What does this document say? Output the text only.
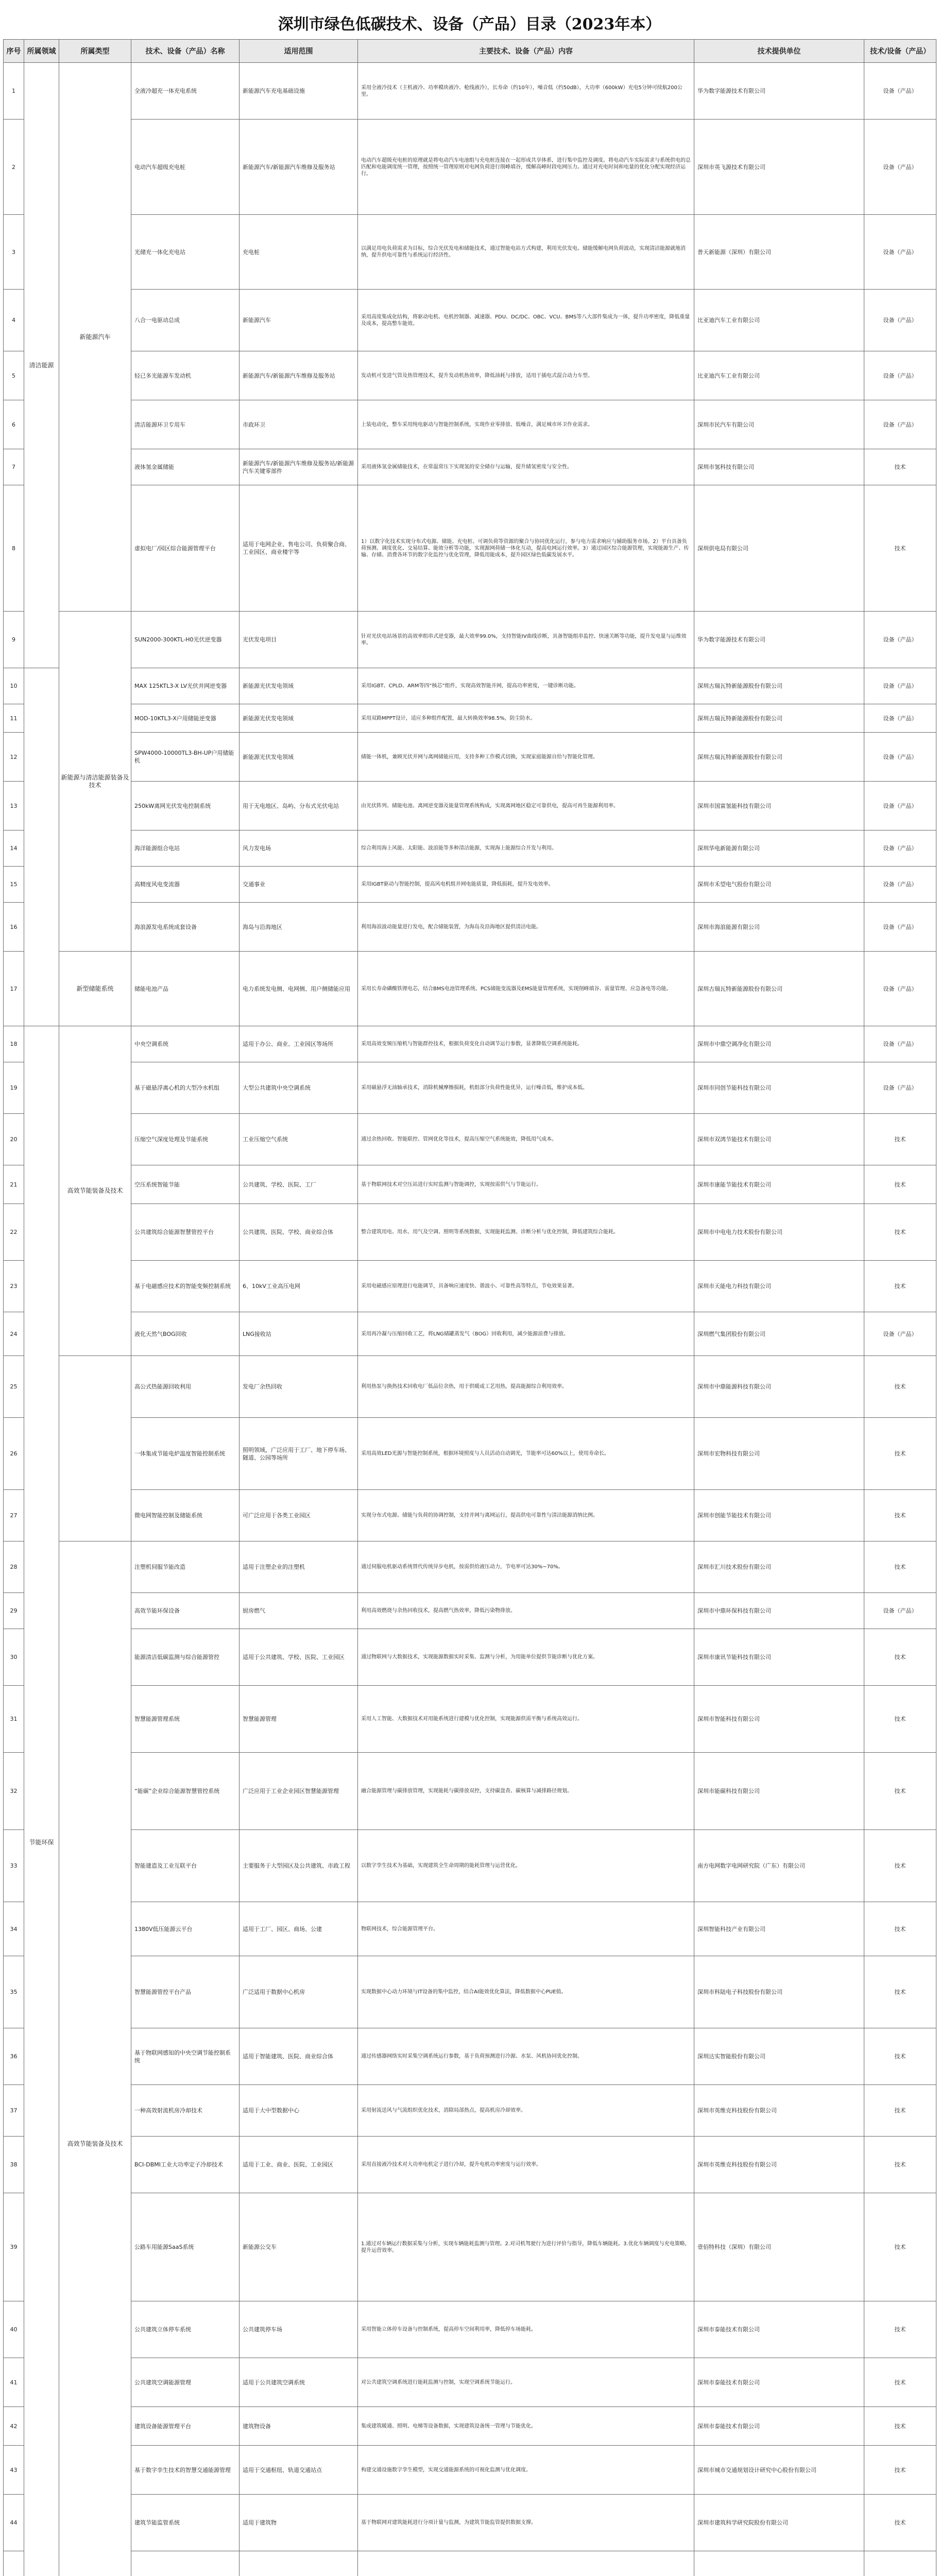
深圳市绿色低碳技术、设备（产品）目录（2023年本）
序号	所属领域	所属类型	技术、设备（产品）名称	适用范围	主要技术、设备（产品）内容	技术提供单位	技术/设备（产品）
1	清洁能源	新能源汽车	全液冷超充一体充电系统	新能源汽车充电基础设施	采用全液冷技术（主机液冷、功率模块液冷、枪线液冷），长寿命（约10年），噪音低（约50dB），大功率（600kW）充电5分钟可续航200公里。	华为数字能源技术有限公司	设备（产品）
2			电动汽车超级充电桩	新能源汽车/新能源汽车维修及服务站	电动汽车超级充电桩的原理就是将电动汽车电池组与充电桩连接在一起形成共享体系，进行集中监控及调度。将电动汽车实际需求与系统供电的总匹配和电能调度统一管理，按照统一管理原则对电网负荷进行削峰填谷，缓解高峰时段电网压力。通过对充电时间和电量的优化分配实现经济运行。	深圳市英飞源技术有限公司	设备（产品）
3			光储充一体化充电站	充电桩	以满足用电负荷需求为目标，综合光伏发电和储能技术，通过智能电站方式构建，利用光伏发电、储能缓解电网负荷波动，实现清洁能源就地消纳，提升供电可靠性与系统运行经济性。	普天新能源（深圳）有限公司	设备（产品）
4			八合一电驱动总成	新能源汽车	采用高度集成化结构，将驱动电机、电机控制器、减速器、PDU、DC/DC、OBC、VCU、BMS等八大部件集成为一体，提升功率密度，降低重量及成本，提高整车能效。	比亚迪汽车工业有限公司	设备（产品）
5			轻已多光能源车发动机	新能源汽车/新能源汽车维修及服务站	发动机可变进气管及热管理技术，提升发动机热效率，降低油耗与排放，适用于插电式混合动力车型。	比亚迪汽车工业有限公司	设备（产品）
6			清洁能源环卫专用车	市政环卫	上装电动化，整车采用纯电驱动与智能控制系统，实现作业零排放、低噪音，满足城市环卫作业需求。	深圳市民汽车有限公司	设备（产品）
7			液体氢金属储能	新能源汽车/新能源汽车维修及服务站/新能源汽车关键零部件	采用液体氢金属储能技术，在常温常压下实现氢的安全储存与运输，提升储氢密度与安全性。	深圳市氢科技有限公司	技术
8			虚拟电厂/园区综合能源管理平台	适用于电网企业、售电公司、负荷聚合商、工业园区、商业楼宇等	1）以数字化技术实现分布式电源、储能、充电桩、可调负荷等资源的聚合与协同优化运行，参与电力需求响应与辅助服务市场。2）平台具备负荷预测、调度优化、交易结算、能效分析等功能，实现源网荷储一体化互动，提高电网运行效率。3）通过园区综合能源管理，实现能源生产、传输、存储、消费各环节的数字化监控与优化管理，降低用能成本，提升园区绿色低碳发展水平。	深圳供电局有限公司	技术
9		新能源与清洁能源装备及技术	SUN2000-300KTL-H0光伏逆变器	光伏发电项目	针对光伏电站场景的高效率组串式逆变器，最大效率99.0%，支持智能IV曲线诊断，具备智能组串监控、快速关断等功能，提升发电量与运维效率。	华为数字能源技术有限公司	设备（产品）
10			MAX 125KTL3-X LV光伏并网逆变器	新能源光伏发电领域	采用IGBT、CPLD、ARM等四“核芯”组件，实现高效智能并网，提高功率密度，一键诊断功能。	深圳古瑞瓦特新能源股份有限公司	设备（产品）
11			MOD-10KTL3-X户用储能逆变器	新能源光伏发电领域	采用双路MPPT设计，适应多种组件配置，最大转换效率98.5%，防尘防水。	深圳古瑞瓦特新能源股份有限公司	设备（产品）
12			SPW4000-10000TL3-BH-UP户用储能机	新能源光伏发电领域	储能一体机，兼顾光伏并网与离网储能应用，支持多种工作模式切换，实现家庭能源自给与智能化管理。	深圳古瑞瓦特新能源股份有限公司	设备（产品）
13			250kW离网光伏发电控制系统	用于无电地区、岛屿、分布式光伏电站	由光伏阵列、储能电池、离网逆变器及能量管理系统构成，实现离网地区稳定可靠供电，提高可再生能源利用率。	深圳市国富氢能科技有限公司	设备（产品）
14			海洋能源组合电站	风力发电场	综合利用海上风能、太阳能、波浪能等多种清洁能源，实现海上能源综合开发与利用。	深圳华电新能源有限公司	设备（产品）
15			高精度风电变流器	交通事业	采用IGBT驱动与智能控制，提高风电机组并网电能质量，降低损耗，提升发电效率。	深圳市禾望电气股份有限公司	设备（产品）
16			海浪源发电系统成套设备	海岛与沿海地区	利用海浪波动能量进行发电，配合储能装置，为海岛及沿海地区提供清洁电能。	深圳市海浪能源有限公司	设备（产品）
17		新型储能系统	储能电池产品	电力系统发电侧、电网侧、用户侧储能应用	采用长寿命磷酸铁锂电芯，结合BMS电池管理系统、PCS储能变流器及EMS能量管理系统，实现削峰填谷、需量管理、应急备电等功能。	深圳古瑞瓦特新能源股份有限公司	设备（产品）
18	节能环保	高效节能装备及技术	中央空调系统	适用于办公、商业、工业园区等场所	采用高效变频压缩机与智能群控技术，根据负荷变化自动调节运行参数，显著降低空调系统能耗。	深圳市中鼎空调净化有限公司	设备（产品）
19			基于磁悬浮离心机的大型冷水机组	大型公共建筑中央空调系统	采用磁悬浮无油轴承技术，消除机械摩擦损耗，机组部分负荷性能优异，运行噪音低，维护成本低。	深圳市同创节能科技有限公司	设备（产品）
20			压缩空气深度处理及节能系统	工业压缩空气系统	通过余热回收、智能联控、管网优化等技术，提高压缩空气系统能效，降低用气成本。	深圳市双鸿节能技术有限公司	技术
21			空压系统智能节能	公共建筑、学校、医院、工厂	基于物联网技术对空压站进行实时监测与智能调控，实现按需供气与节能运行。	深圳市康能节能技术有限公司	技术
22			公共建筑综合能源智慧管控平台	公共建筑、医院、学校、商业综合体	整合建筑用电、用水、用气及空调、照明等系统数据，实现能耗监测、诊断分析与优化控制，降低建筑综合能耗。	深圳市中电电力技术股份有限公司	技术
23			基于电磁感应技术的智能变频控制系统	6、10kV工业高压电网	采用电磁感应原理进行电能调节，具备响应速度快、谐波小、可靠性高等特点，节电效果显著。	深圳市天能电力科技有限公司	技术
24			液化天然气BOG回收	LNG接收站	采用再冷凝与压缩回收工艺，将LNG储罐蒸发气（BOG）回收利用，减少能源浪费与排放。	深圳燃气集团股份有限公司	设备（产品）
25			高公式热能源回收利用	发电厂余热回收	利用热泵与换热技术回收电厂低品位余热，用于供暖或工艺用热，提高能源综合利用效率。	深圳市中鼎能源科技有限公司	技术
26			一体集成节能电炉温度智能控制系统	照明领域，广泛应用于工厂、地下停车场、隧道、公园等场所	采用高效LED光源与智能控制系统，根据环境照度与人员活动自动调光，节能率可达60%以上，使用寿命长。	深圳市宏物科技有限公司	技术
27			微电网智能控制及储能系统	可广泛应用于各类工业园区	实现分布式电源、储能与负荷的协调控制，支持并网与离网运行，提高供电可靠性与清洁能源消纳比例。	深圳市创能节能技术有限公司	技术
28		高效节能装备及技术	注塑机伺服节能改造	适用于注塑企业的注塑机	通过伺服电机驱动系统替代传统异步电机，按需供给液压动力，节电率可达30%~70%。	深圳市汇川技术股份有限公司	技术
29			高效节能环保设备	厨房燃气	利用高效燃烧与余热回收技术，提高燃气热效率，降低污染物排放。	深圳市中鼎环保科技有限公司	设备（产品）
30			能源清洁低碳监测与综合能源管控	适用于公共建筑、学校、医院、工业园区	通过物联网与大数据技术，实现能源数据实时采集、监测与分析，为用能单位提供节能诊断与优化方案。	深圳市康讯节能科技有限公司	技术
31			智慧能源管理系统	智慧能源管理	采用人工智能、大数据技术对用能系统进行建模与优化控制，实现能源供需平衡与系统高效运行。	深圳市智能科技有限公司	技术
32			“能碳”企业综合能源智慧管控系统	广泛应用于工业企业园区智慧能源管理	融合能源管理与碳排放管理，实现能耗与碳排放双控，支持碳盘查、碳核算与减排路径规划。	深圳市能碳科技有限公司	技术
33			智能建造及工业互联平台	主要服务于大型园区及公共建筑、市政工程	以数字孪生技术为基础，实现建筑全生命周期的能耗管理与运营优化。	南方电网数字电网研究院（广东）有限公司	技术
34			1380V低压能源云平台	适用于工厂、园区、商场、公建	物联网技术，综合能源管理平台。	深圳智能科技产业有限公司	技术
35			智慧能源管控平台产品	广泛适用于数据中心机房	实现数据中心动力环境与IT设备的集中监控，结合AI能效优化算法，降低数据中心PUE值。	深圳市科陆电子科技股份有限公司	技术
36			基于物联网感知的中央空调节能控制系统	适用于智能建筑、医院、商业综合体	通过传感器网络实时采集空调系统运行参数，基于负荷预测进行冷源、水泵、风机协同优化控制。	深圳达实智能股份有限公司	技术
37			一种高效射流机房冷却技术	适用于大中型数据中心	采用射流送风与气流组织优化技术，消除局部热点，提高机房冷却效率。	深圳市英维克科技股份有限公司	技术
38			BCI-DBMI工业大功率定子冷却技术	适用于工业、商业、医院、工业园区	采用直接液冷技术对大功率电机定子进行冷却，提升电机功率密度与运行效率。	深圳市英维克科技股份有限公司	技术
39			公路车用能源SaaS系统	新能源公交车	1.通过对车辆运行数据采集与分析，实现车辆能耗监测与管理。2.对司机驾驶行为进行评价与指导，降低车辆能耗。3.优化车辆调度与充电策略，提升运营效率。	壹佰特科技（深圳）有限公司	技术
40			公共建筑立体停车系统	公共建筑停车场	采用智能立体停车设备与控制系统，提高停车空间利用率，降低停车场能耗。	深圳市泰能技术有限公司	技术
41			公共建筑空调能源管理	适用于公共建筑空调系统	对公共建筑空调系统进行能耗监测与控制，实现空调系统节能运行。	深圳市泰能技术有限公司	技术
42			建筑设备能源管理平台	建筑物设备	集成建筑暖通、照明、电梯等设备数据，实现建筑设备统一管理与节能优化。	深圳市泰能技术有限公司	技术
43			基于数字孪生技术的智慧交通能源管理	适用于交通枢纽、轨道交通站点	构建交通设施数字孪生模型，实现交通能源系统的可视化监测与优化调度。	深圳市城市交通规划设计研究中心股份有限公司	技术
44			建筑节能监管系统	适用于建筑物	基于物联网对建筑能耗进行分项计量与监测，为建筑节能监管提供数据支撑。	深圳市建筑科学研究院股份有限公司	技术
